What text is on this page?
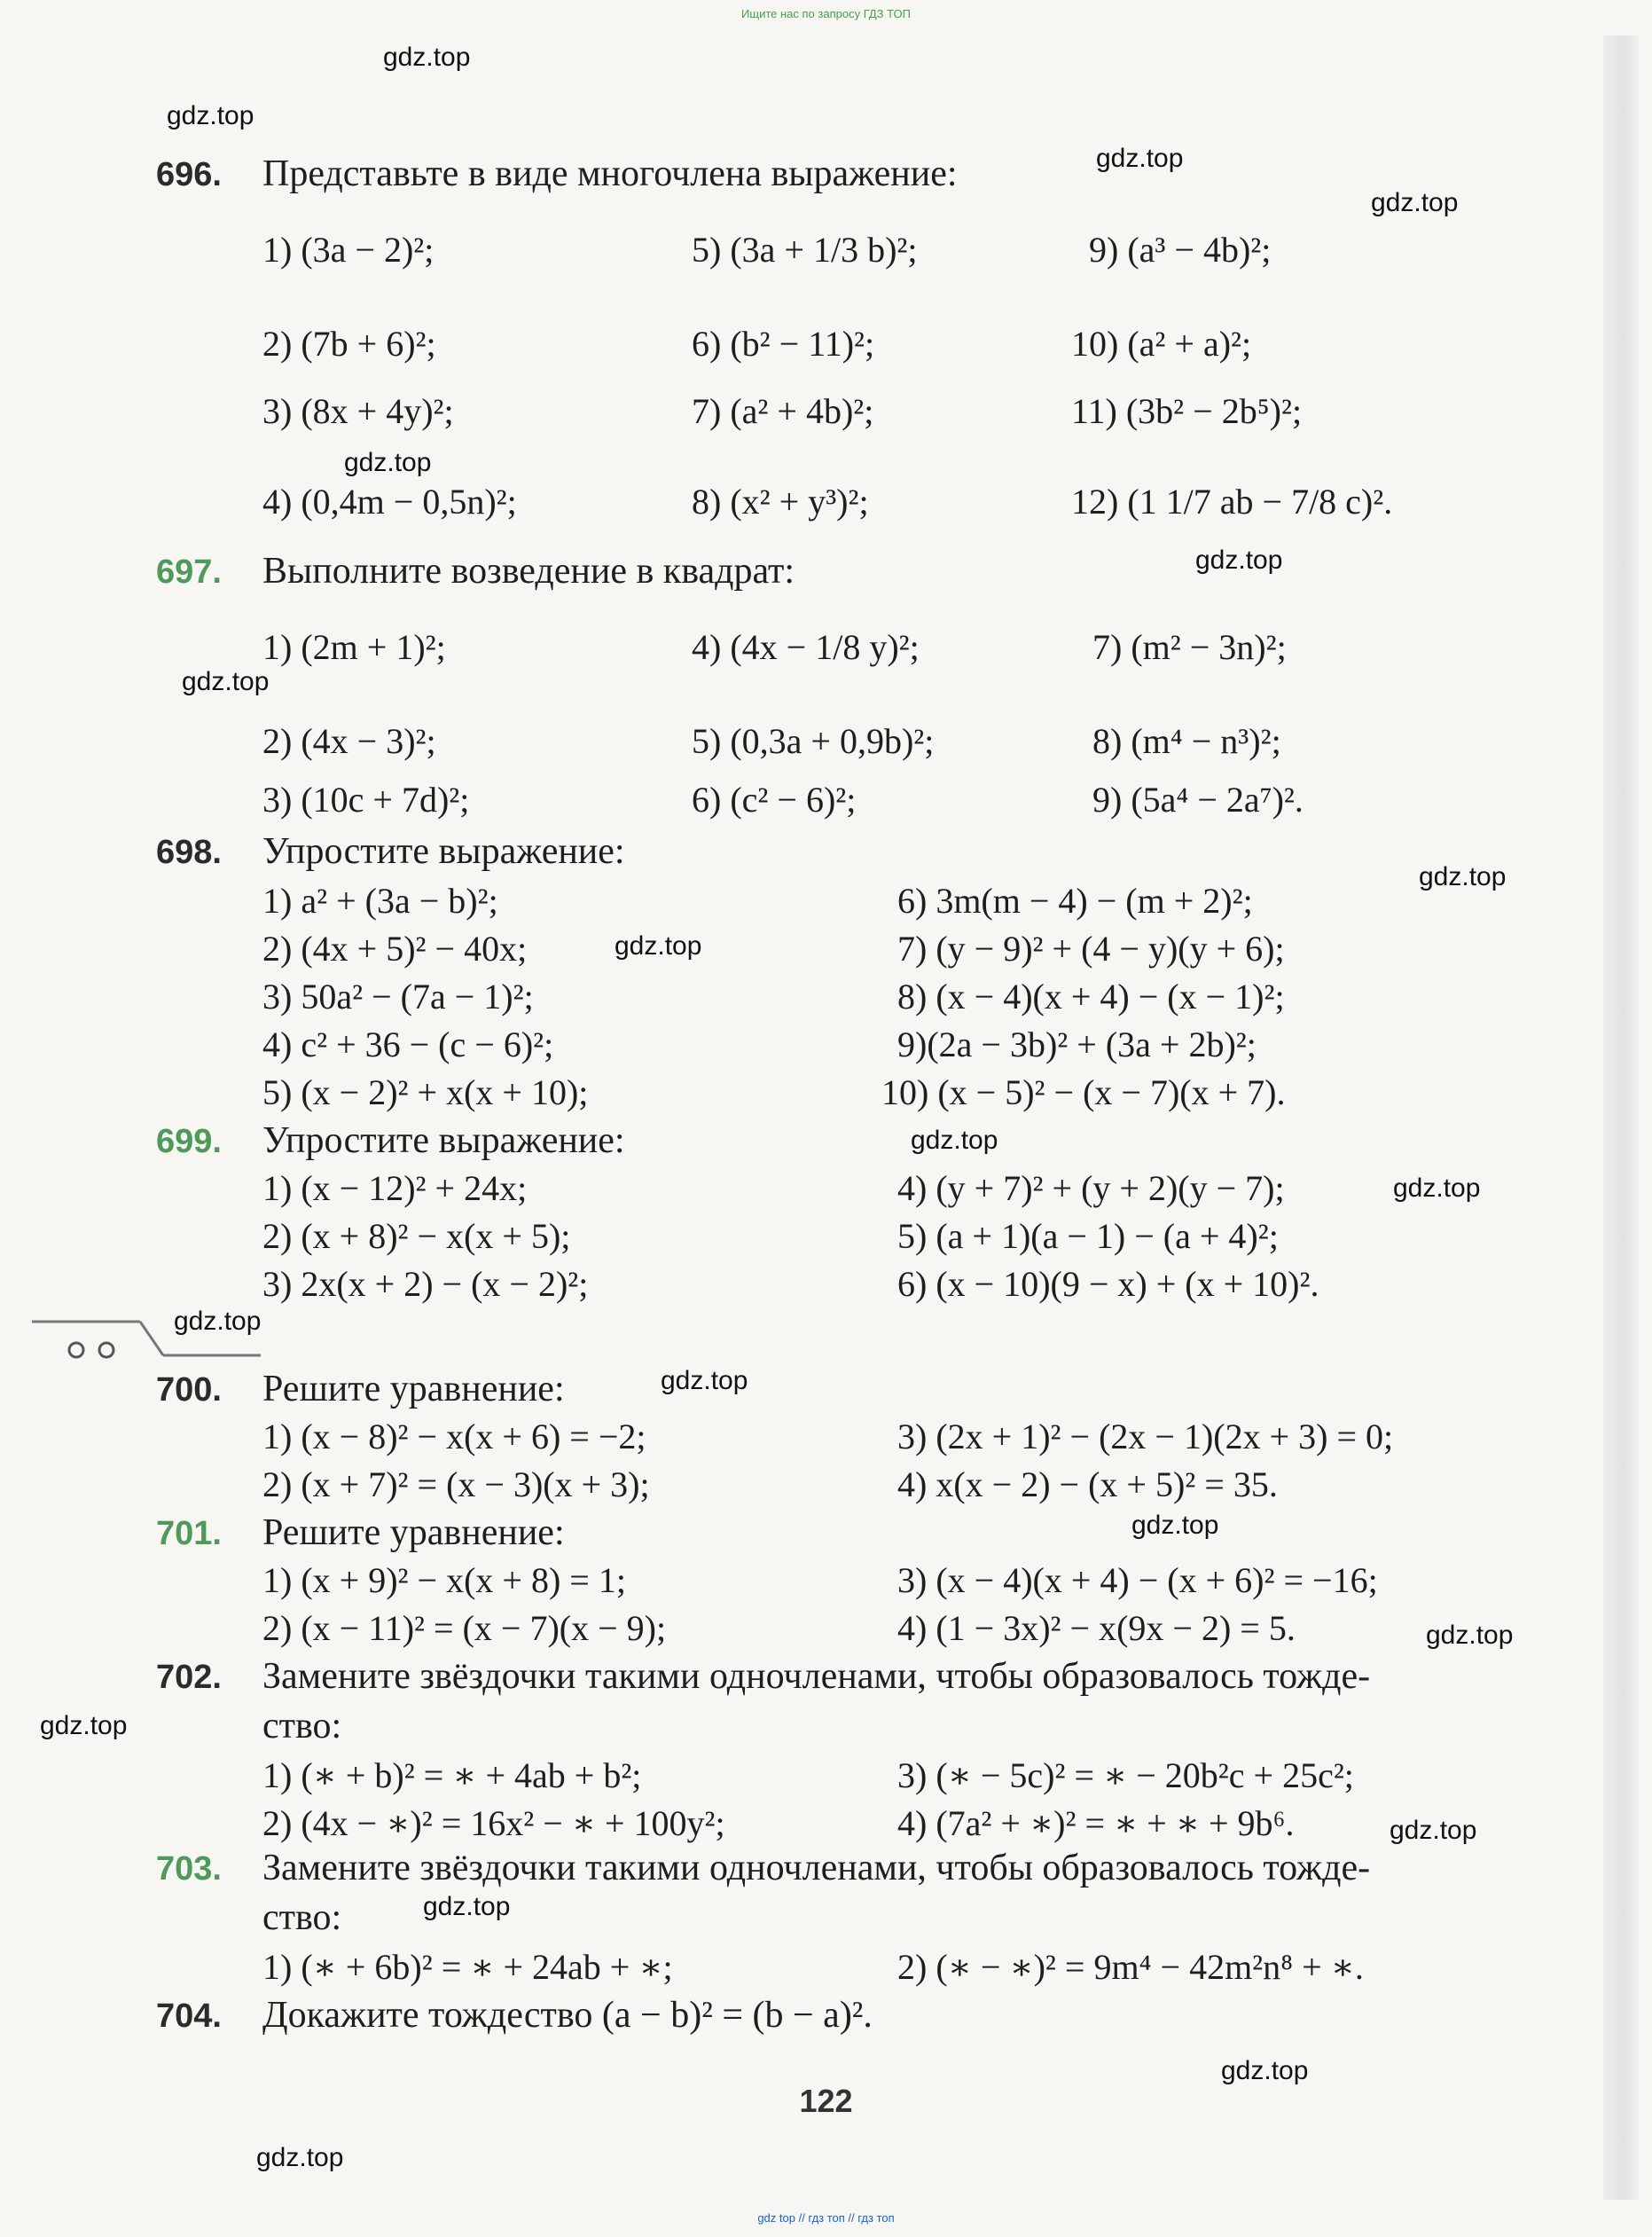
Ищите нас по запросу ГДЗ ТОП
gdz.top
gdz.top
gdz.top
gdz.top
gdz.top
gdz.top
gdz.top
gdz.top
gdz.top
gdz.top
gdz.top
gdz.top
gdz.top
gdz.top
gdz.top
gdz.top
gdz.top
gdz.top
gdz.top
gdz.top
696. Представьте в виде многочлена выражение:
1) (3a − 2)²;
2) (7b + 6)²;
3) (8x + 4y)²;
4) (0,4m − 0,5n)²;
5) (3a + 1/3 b)²;
6) (b² − 11)²;
7) (a² + 4b)²;
8) (x² + y³)²;
9) (a³ − 4b)²;
10) (a² + a)²;
11) (3b² − 2b⁵)²;
12) (1 1/7 ab − 7/8 c)².
697. Выполните возведение в квадрат:
1) (2m + 1)²;
2) (4x − 3)²;
3) (10c + 7d)²;
4) (4x − 1/8 y)²;
5) (0,3a + 0,9b)²;
6) (c² − 6)²;
7) (m² − 3n)²;
8) (m⁴ − n³)²;
9) (5a⁴ − 2a⁷)².
698. Упростите выражение:
1) a² + (3a − b)²;
2) (4x + 5)² − 40x;
3) 50a² − (7a − 1)²;
4) c² + 36 − (c − 6)²;
5) (x − 2)² + x(x + 10);
6) 3m(m − 4) − (m + 2)²;
7) (y − 9)² + (4 − y)(y + 6);
8) (x − 4)(x + 4) − (x − 1)²;
9)(2a − 3b)² + (3a + 2b)²;
10) (x − 5)² − (x − 7)(x + 7).
699. Упростите выражение:
1) (x − 12)² + 24x;
2) (x + 8)² − x(x + 5);
3) 2x(x + 2) − (x − 2)²;
4) (y + 7)² + (y + 2)(y − 7);
5) (a + 1)(a − 1) − (a + 4)²;
6) (x − 10)(9 − x) + (x + 10)².
700. Решите уравнение:
1) (x − 8)² − x(x + 6) = −2;
2) (x + 7)² = (x − 3)(x + 3);
3) (2x + 1)² − (2x − 1)(2x + 3) = 0;
4) x(x − 2) − (x + 5)² = 35.
701. Решите уравнение:
1) (x + 9)² − x(x + 8) = 1;
2) (x − 11)² = (x − 7)(x − 9);
3) (x − 4)(x + 4) − (x + 6)² = −16;
4) (1 − 3x)² − x(9x − 2) = 5.
702. Замените звёздочки такими одночленами, чтобы образовалось тожде-
ство:
1) (∗ + b)² = ∗ + 4ab + b²;
2) (4x − ∗)² = 16x² − ∗ + 100y²;
3) (∗ − 5c)² = ∗ − 20b²c + 25c²;
4) (7a² + ∗)² = ∗ + ∗ + 9b⁶.
703. Замените звёздочки такими одночленами, чтобы образовалось тожде-
ство:
1) (∗ + 6b)² = ∗ + 24ab + ∗;	2) (∗ − ∗)² = 9m⁴ − 42m²n⁸ + ∗.
704. Докажите тождество (a − b)² = (b − a)².
122
gdz top // гдз топ // гдз топ
